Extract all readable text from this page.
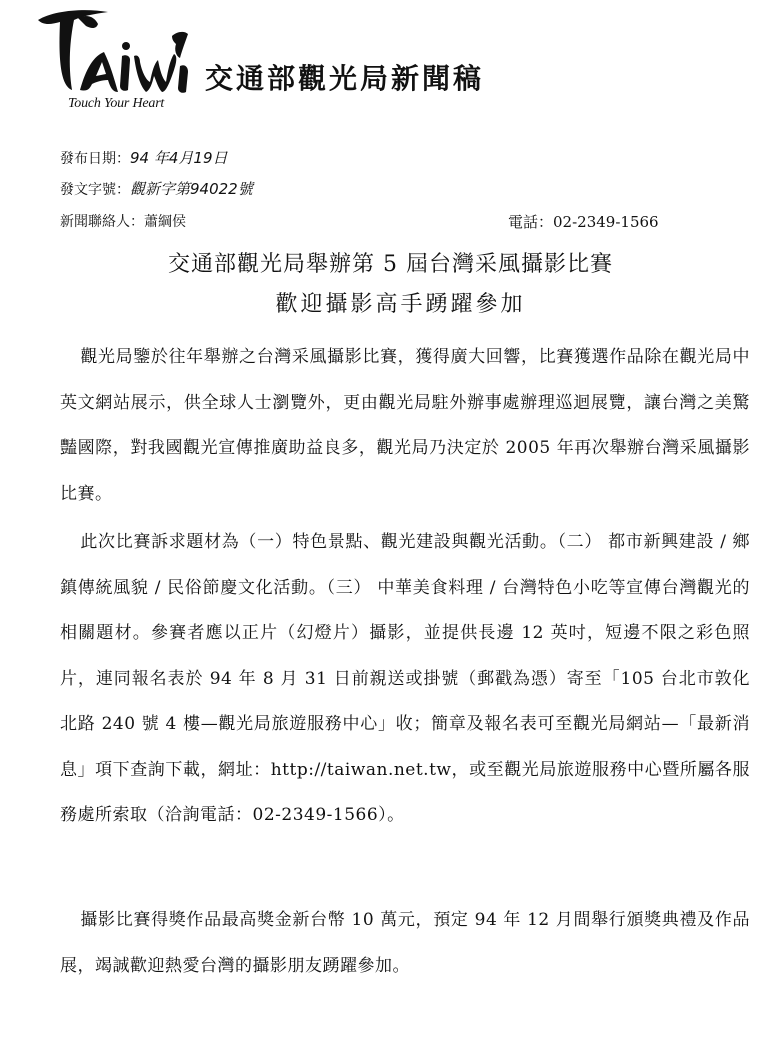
Touch Your Heart
交通部觀光局新聞稿
發布日期：94 年4月19日
發文字號：觀新字第94022號
新聞聯絡人：蕭綱侯	電話：02-2349-1566
交通部觀光局舉辦第 5 屆台灣采風攝影比賽
歡迎攝影高手踴躍參加

觀光局鑒於往年舉辦之台灣采風攝影比賽，獲得廣大回響，比賽獲選作品除在觀光局中英文網站展示，供全球人士瀏覽外，更由觀光局駐外辦事處辦理巡迴展覽，讓台灣之美驚豔國際，對我國觀光宣傳推廣助益良多，觀光局乃決定於 2005 年再次舉辦台灣采風攝影比賽。

此次比賽訴求題材為（一）特色景點、觀光建設與觀光活動。（二） 都市新興建設 / 鄉鎮傳統風貌 / 民俗節慶文化活動。（三） 中華美食料理 / 台灣特色小吃等宣傳台灣觀光的相關題材。參賽者應以正片（幻燈片）攝影，並提供長邊 12 英吋，短邊不限之彩色照片，連同報名表於 94 年 8 月 31 日前親送或掛號（郵戳為憑）寄至「105 台北市敦化北路 240 號 4 樓—觀光局旅遊服務中心」收；簡章及報名表可至觀光局網站—「最新消息」項下查詢下載，網址：http://taiwan.net.tw，或至觀光局旅遊服務中心暨所屬各服務處所索取（洽詢電話：02-2349-1566）。

攝影比賽得獎作品最高獎金新台幣 10 萬元，預定 94 年 12 月間舉行頒獎典禮及作品展，竭誠歡迎熱愛台灣的攝影朋友踴躍參加。
